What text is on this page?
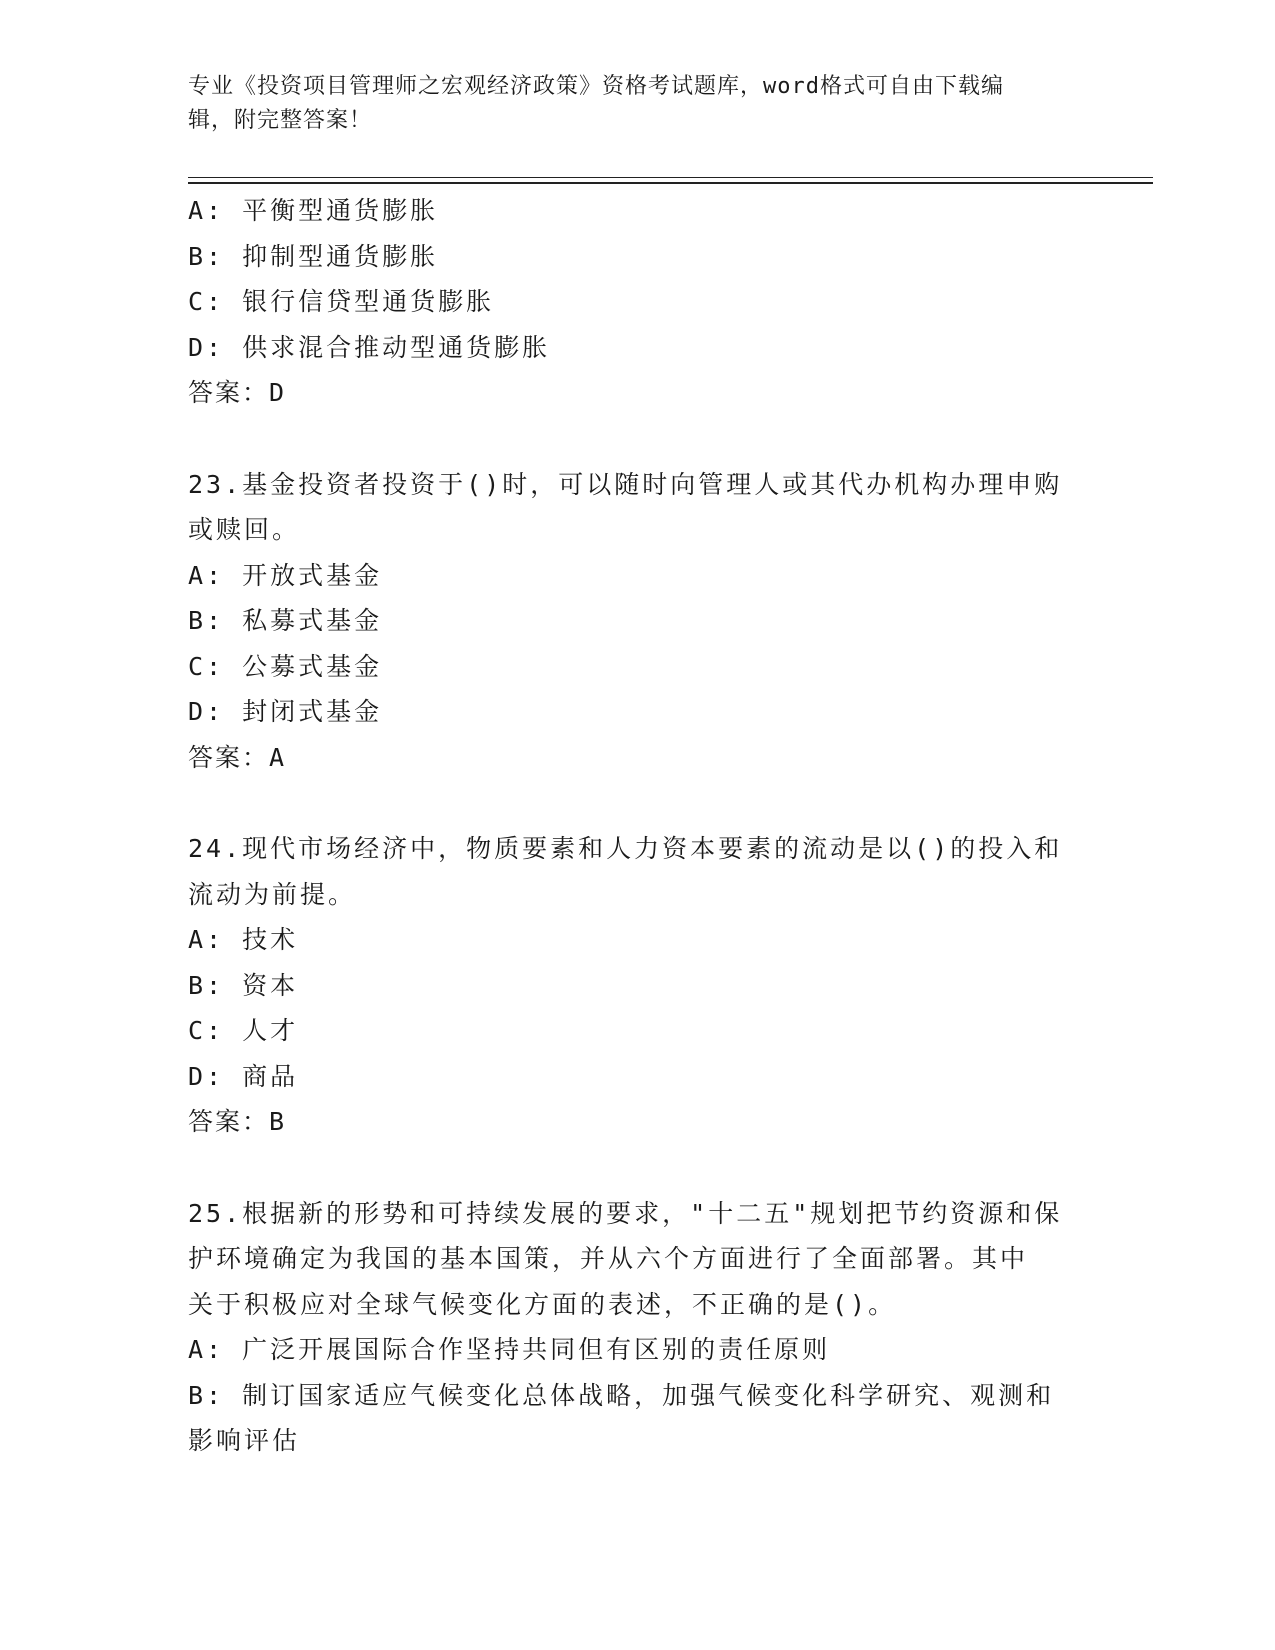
专业《投资项目管理师之宏观经济政策》资格考试题库，word格式可自由下载编
辑，附完整答案！
A: 平衡型通货膨胀
B: 抑制型通货膨胀
C: 银行信贷型通货膨胀
D: 供求混合推动型通货膨胀
答案：D
23.基金投资者投资于()时，可以随时向管理人或其代办机构办理申购
或赎回。
A: 开放式基金
B: 私募式基金
C: 公募式基金
D: 封闭式基金
答案：A
24.现代市场经济中，物质要素和人力资本要素的流动是以()的投入和
流动为前提。
A: 技术
B: 资本
C: 人才
D: 商品
答案：B
25.根据新的形势和可持续发展的要求，"十二五"规划把节约资源和保
护环境确定为我国的基本国策，并从六个方面进行了全面部署。其中
关于积极应对全球气候变化方面的表述，不正确的是()。
A: 广泛开展国际合作坚持共同但有区别的责任原则
B: 制订国家适应气候变化总体战略，加强气候变化科学研究、观测和
影响评估
